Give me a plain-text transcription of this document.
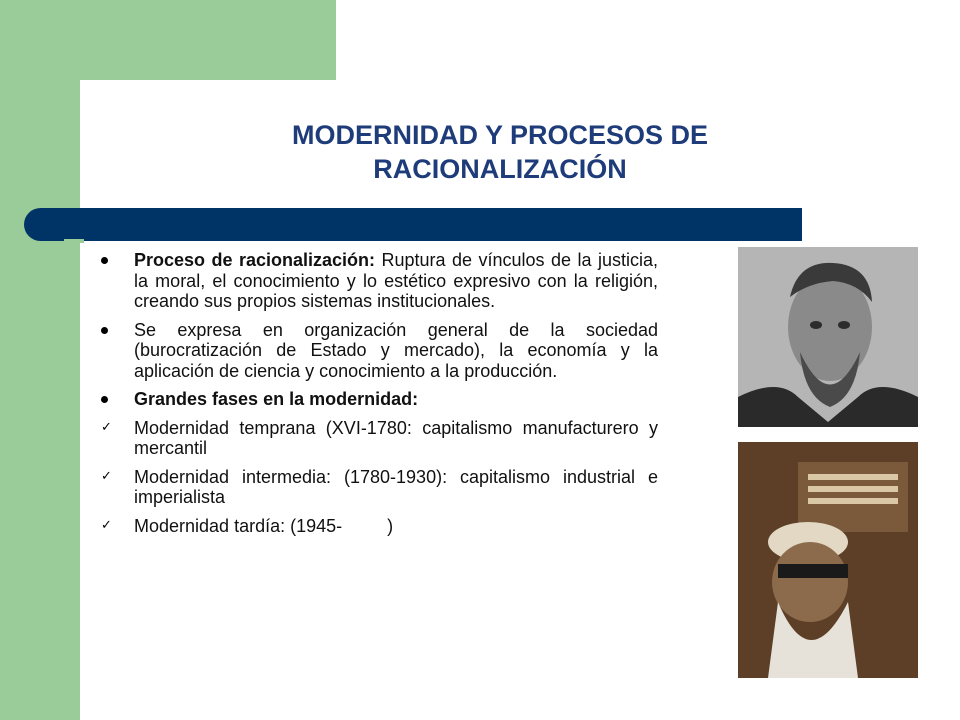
MODERNIDAD Y PROCESOS DE
RACIONALIZACIÓN
Proceso de racionalización: Ruptura de vínculos de la justicia, la moral, el conocimiento y lo estético expresivo con la religión, creando sus propios sistemas institucionales.
Se expresa en organización general de la sociedad (burocratización de Estado y mercado), la economía y la aplicación de ciencia y conocimiento a la producción.
Grandes fases en la modernidad:
✓ Modernidad temprana (XVI-1780: capitalismo manufacturero y mercantil
✓ Modernidad intermedia: (1780-1930): capitalismo industrial e imperialista
✓ Modernidad tardía: (1945-         )
